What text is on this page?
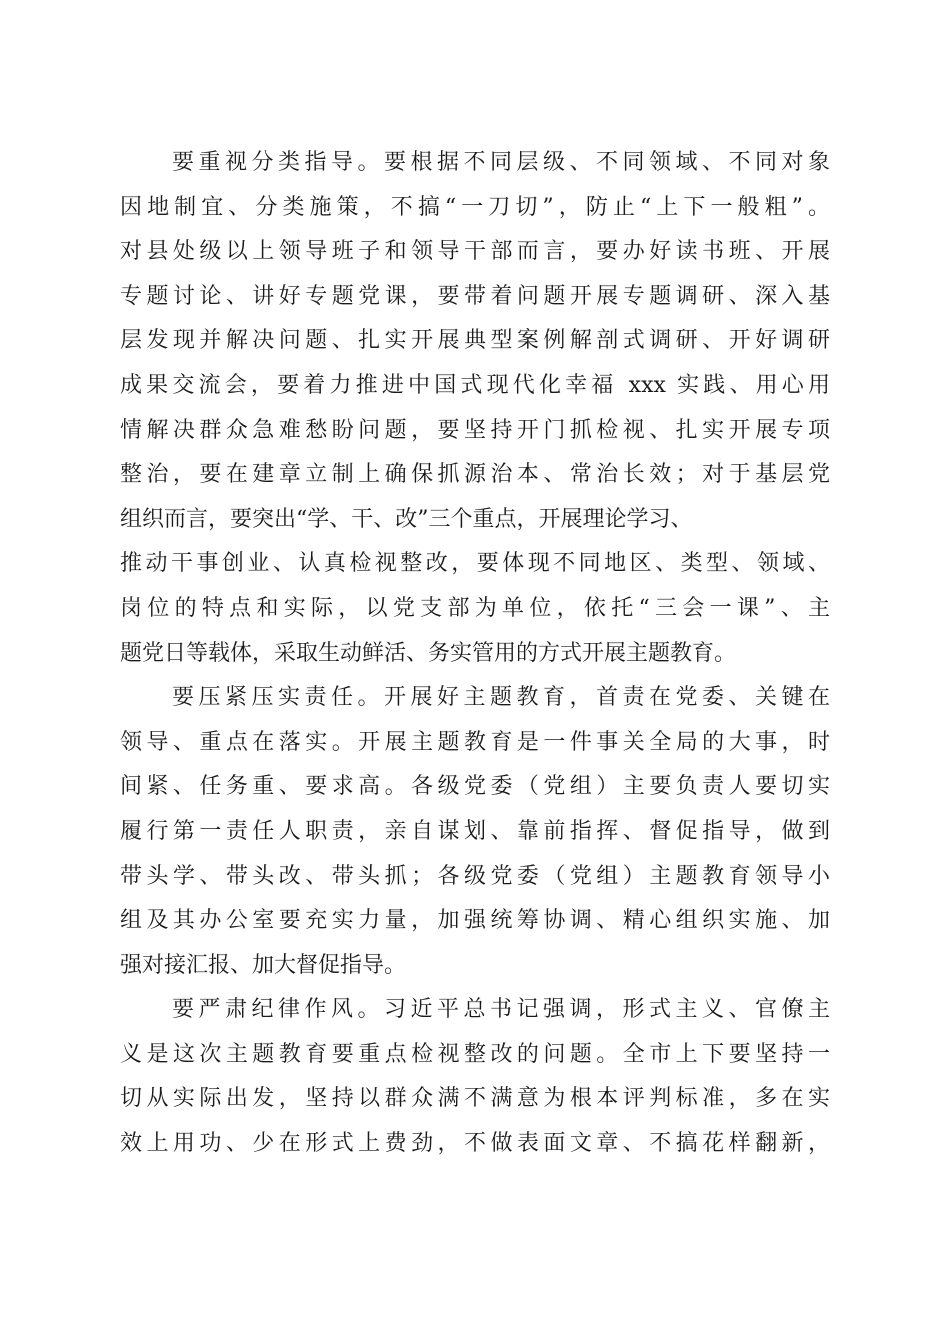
要重视分类指导。要根据不同层级、不同领域、不同对象
因地制宜、分类施策，不搞“一刀切”，防止“上下一般粗”。
对县处级以上领导班子和领导干部而言，要办好读书班、开展
专题讨论、讲好专题党课，要带着问题开展专题调研、深入基
层发现并解决问题、扎实开展典型案例解剖式调研、开好调研
成果交流会，要着力推进中国式现代化幸福 xxx 实践、用心用
情解决群众急难愁盼问题，要坚持开门抓检视、扎实开展专项
整治，要在建章立制上确保抓源治本、常治长效；对于基层党
组织而言，要突出“学、干、改”三个重点，开展理论学习、
推动干事创业、认真检视整改，要体现不同地区、类型、领域、
岗位的特点和实际，以党支部为单位，依托“三会一课”、主
题党日等载体，采取生动鲜活、务实管用的方式开展主题教育。
要压紧压实责任。开展好主题教育，首责在党委、关键在
领导、重点在落实。开展主题教育是一件事关全局的大事，时
间紧、任务重、要求高。各级党委（党组）主要负责人要切实
履行第一责任人职责，亲自谋划、靠前指挥、督促指导，做到
带头学、带头改、带头抓；各级党委（党组）主题教育领导小
组及其办公室要充实力量，加强统筹协调、精心组织实施、加
强对接汇报、加大督促指导。
要严肃纪律作风。习近平总书记强调，形式主义、官僚主
义是这次主题教育要重点检视整改的问题。全市上下要坚持一
切从实际出发，坚持以群众满不满意为根本评判标准，多在实
效上用功、少在形式上费劲，不做表面文章、不搞花样翻新，
